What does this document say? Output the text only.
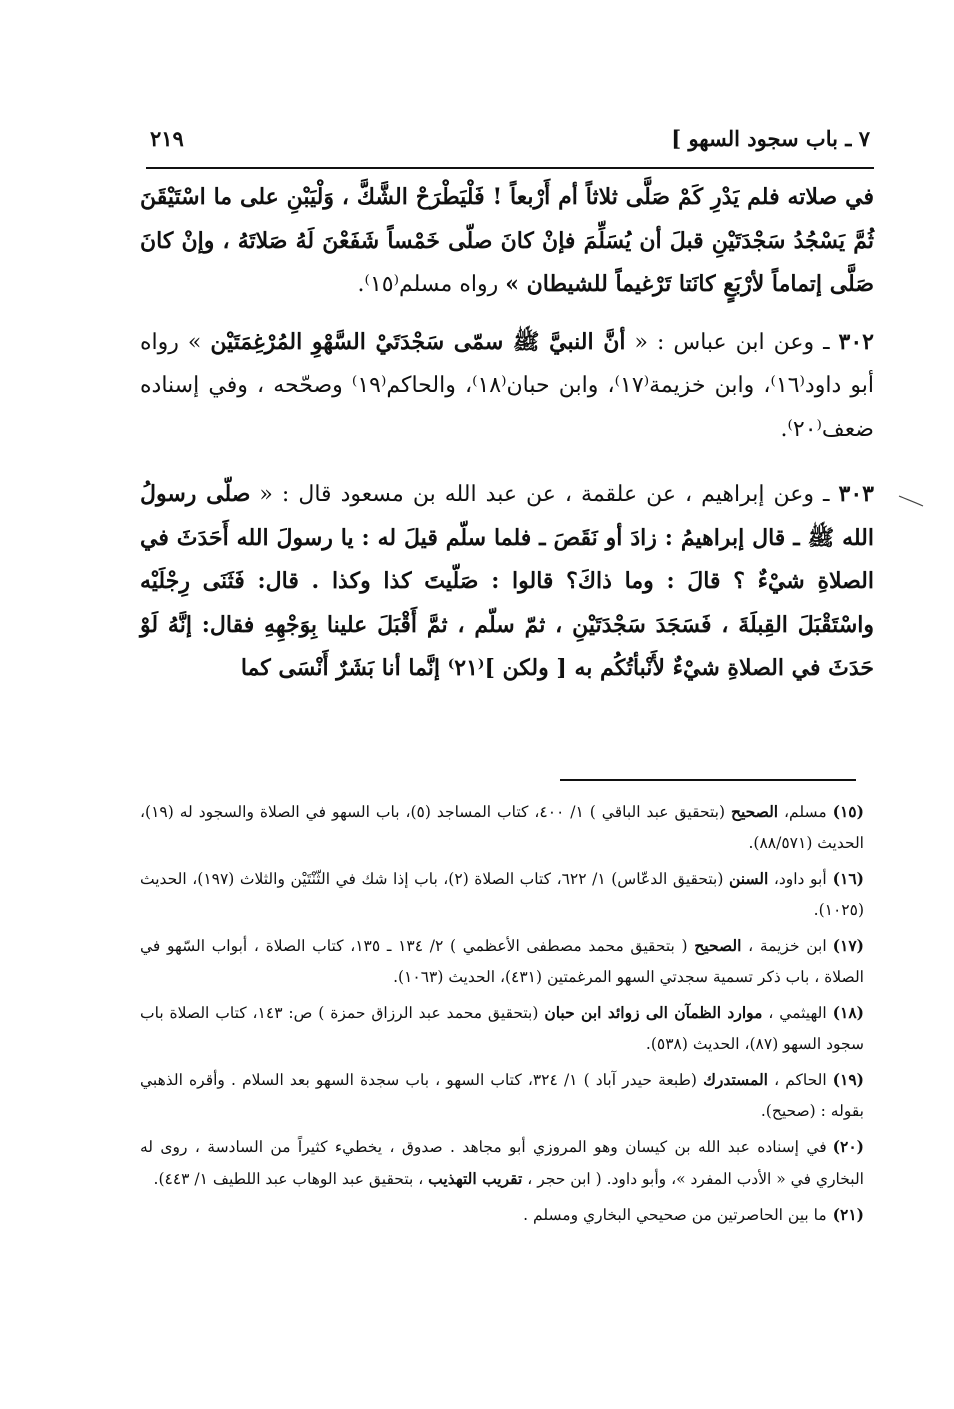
٧ ـ باب سجود السهو ]
٢١٩

في صلاته فلم يَدْرِ كَمْ صَلَّى ثلاثاً أم أَرْبعاً ! فَلْيَطْرَحْ الشَّكَّ ، وَلْيَبْنِ على ما اسْتَيْقَنَ ثُمَّ يَسْجُدُ سَجْدَتَيْنِ قبلَ أن يُسَلِّمَ فإنْ كانَ صلّى خَمْساً شَفَعْنَ لَهُ صَلاتَهُ ، وإنْ كانَ صَلَّى إتماماً لأرْبَعٍ كانَتا تَرْغيماً للشيطان » رواه مسلم⁽١٥⁾.

٣٠٢ ـ وعن ابن عباس : « أنَّ النبيَّ ﷺ سمّى سَجْدَتَيْ السَّهْوِ المُرْغِمَتَيْن » رواه أبو داود⁽١٦⁾، وابن خزيمة⁽١٧⁾، وابن حبان⁽١٨⁾، والحاكم⁽١٩⁾ وصحّحه ، وفي إسناده ضعف⁽٢٠⁾.

٣٠٣ ـ وعن إبراهيم ، عن علقمة ، عن عبد الله بن مسعود قال : « صلّى رسولُ الله ﷺ ـ قال إبراهيمُ : زادَ أو نَقَصَ ـ فلما سلّم قيلَ له : يا رسولَ الله أَحَدَثَ في الصلاةِ شيْءٌ ؟ قالَ : وما ذاكَ؟ قالوا : صَلّيتَ كذا وكذا . قال: فَثَنَى رِجْلَيْه واسْتَقْبَلَ القِبلَةَ ، فَسَجَدَ سَجْدَتَيْنِ ، ثمّ سلّم ، ثمَّ أَقْبَلَ علينا بِوَجْهِهِ فقال: إنَّهُ لَوْ حَدَثَ في الصلاةِ شيْءٌ لأَنْبأتُكُم به [ ولكن ]⁽٢١⁾ إنَّما أنا بَشَرٌ أَنْسَى كما

(١٥)مسلم، الصحيح (بتحقيق عبد الباقي ) ١/ ٤٠٠، كتاب المساجد (٥)، باب السهو في الصلاة والسجود له (١٩)، الحديث (٨٨/٥٧١).

(١٦)أبو داود، السنن (بتحقيق الدعّاس) ١/ ٦٢٢، كتاب الصلاة (٢)، باب إذا شك في الثّنْتَيْن والثلاث (١٩٧)، الحديث (١٠٢٥).

(١٧)ابن خزيمة ، الصحيح ( بتحقيق محمد مصطفى الأعظمي ) ٢/ ١٣٤ ـ ١٣٥، كتاب الصلاة ، أبواب السّهو في الصلاة ، باب ذكر تسمية سجدتي السهو المرغمتين (٤٣١)، الحديث (١٠٦٣).

(١٨)الهيثمي ، موارد الظمآن الى زوائد ابن حبان (بتحقيق محمد عبد الرزاق حمزة ) ص: ١٤٣، كتاب الصلاة باب سجود السهو (٨٧)، الحديث (٥٣٨).

(١٩)الحاكم ، المستدرك (طبعة حيدر آباد ) ١/ ٣٢٤، كتاب السهو ، باب سجدة السهو بعد السلام . وأقره الذهبي بقوله : (صحيح).

(٢٠)في إسناده عبد الله بن كيسان وهو المروزي أبو مجاهد . صدوق ، يخطيء كثيراً من السادسة ، روى له البخاري في « الأدب المفرد »، وأبو داود. ( ابن حجر ، تقريب التهذيب ، بتحقيق عبد الوهاب عبد اللطيف ١/ ٤٤٣).

(٢١)ما بين الحاصرتين من صحيحي البخاري ومسلم .
